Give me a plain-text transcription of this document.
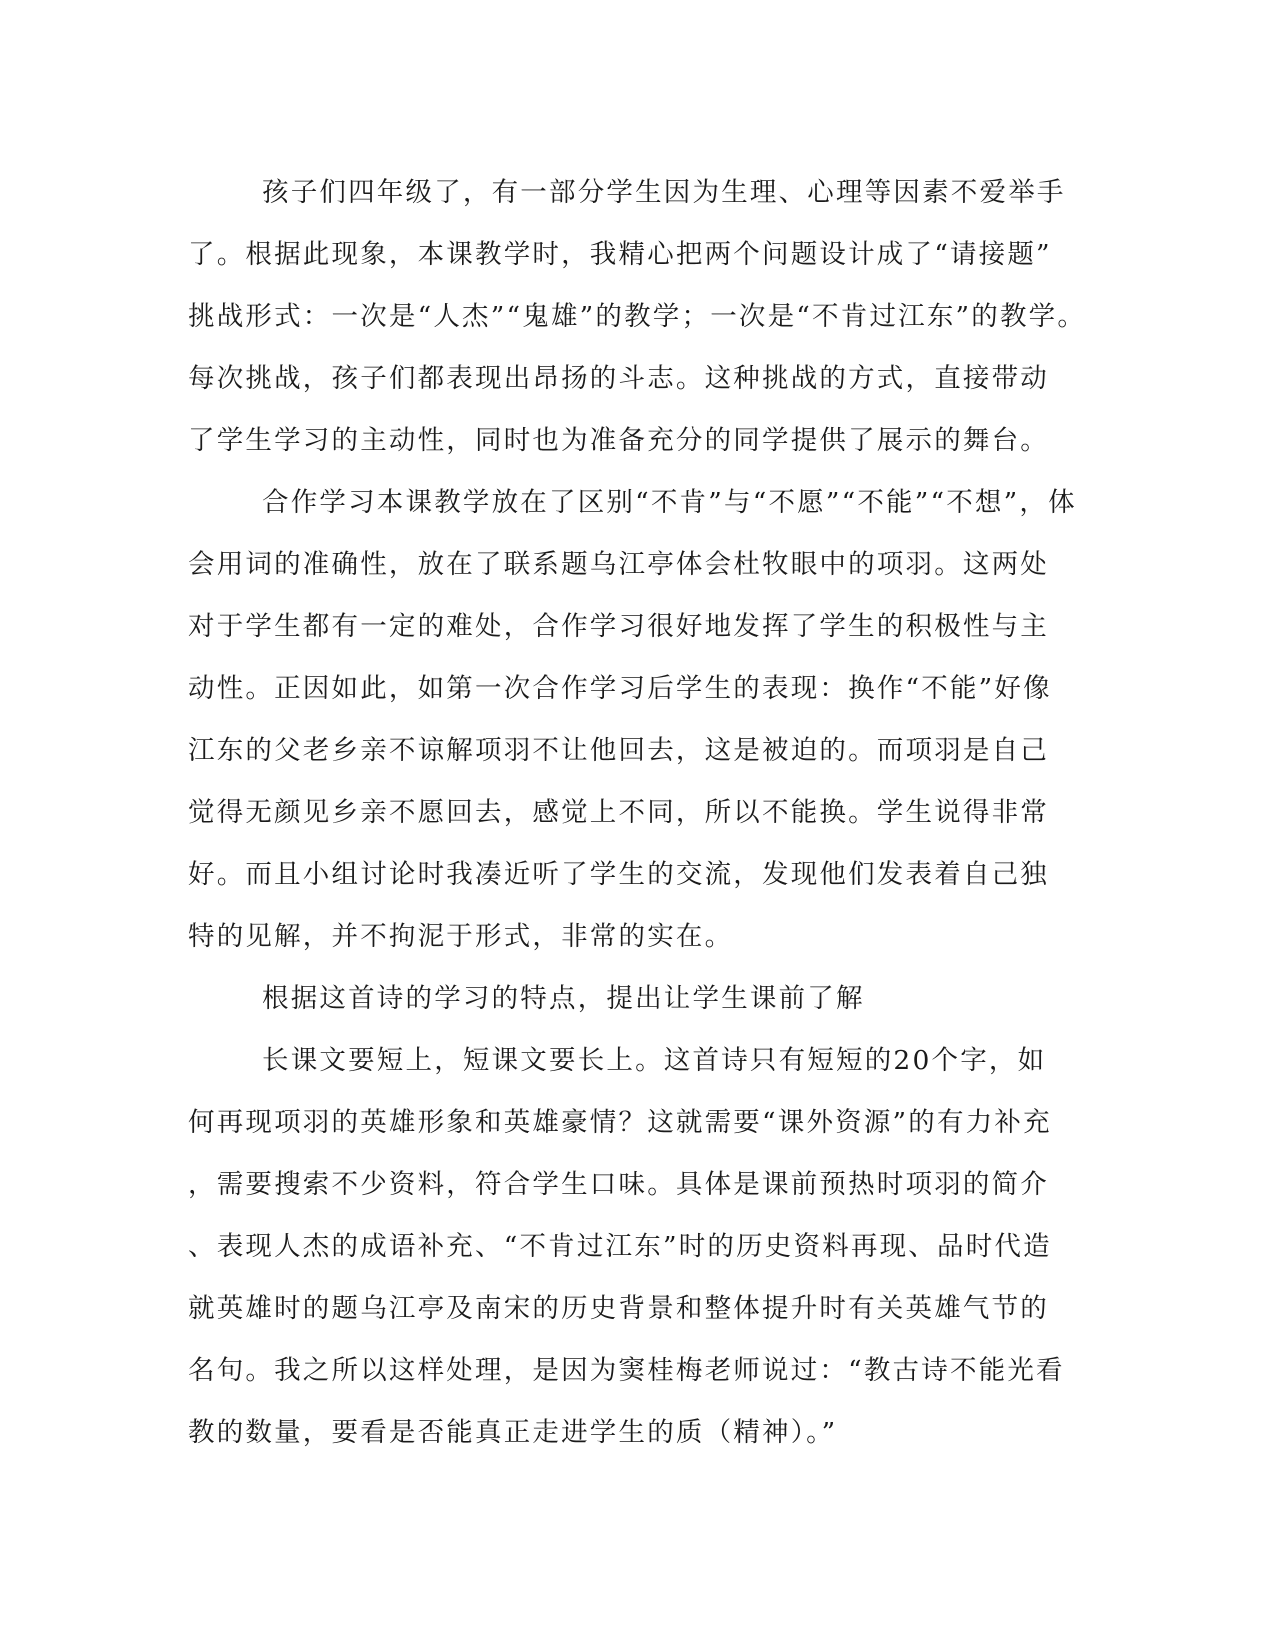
孩子们四年级了，有一部分学生因为生理、心理等因素不爱举手
了。根据此现象，本课教学时，我精心把两个问题设计成了“请接题”
挑战形式：一次是“人杰”“鬼雄”的教学；一次是“不肯过江东”的教学。
每次挑战，孩子们都表现出昂扬的斗志。这种挑战的方式，直接带动
了学生学习的主动性，同时也为准备充分的同学提供了展示的舞台。
合作学习本课教学放在了区别“不肯”与“不愿”“不能”“不想”，体
会用词的准确性，放在了联系题乌江亭体会杜牧眼中的项羽。这两处
对于学生都有一定的难处，合作学习很好地发挥了学生的积极性与主
动性。正因如此，如第一次合作学习后学生的表现：换作“不能”好像
江东的父老乡亲不谅解项羽不让他回去，这是被迫的。而项羽是自己
觉得无颜见乡亲不愿回去，感觉上不同，所以不能换。学生说得非常
好。而且小组讨论时我凑近听了学生的交流，发现他们发表着自己独
特的见解，并不拘泥于形式，非常的实在。
根据这首诗的学习的特点，提出让学生课前了解
长课文要短上，短课文要长上。这首诗只有短短的20个字，如
何再现项羽的英雄形象和英雄豪情？这就需要“课外资源”的有力补充
，需要搜索不少资料，符合学生口味。具体是课前预热时项羽的简介
、表现人杰的成语补充、“不肯过江东”时的历史资料再现、品时代造
就英雄时的题乌江亭及南宋的历史背景和整体提升时有关英雄气节的
名句。我之所以这样处理，是因为窦桂梅老师说过：“教古诗不能光看
教的数量，要看是否能真正走进学生的质（精神）。”
